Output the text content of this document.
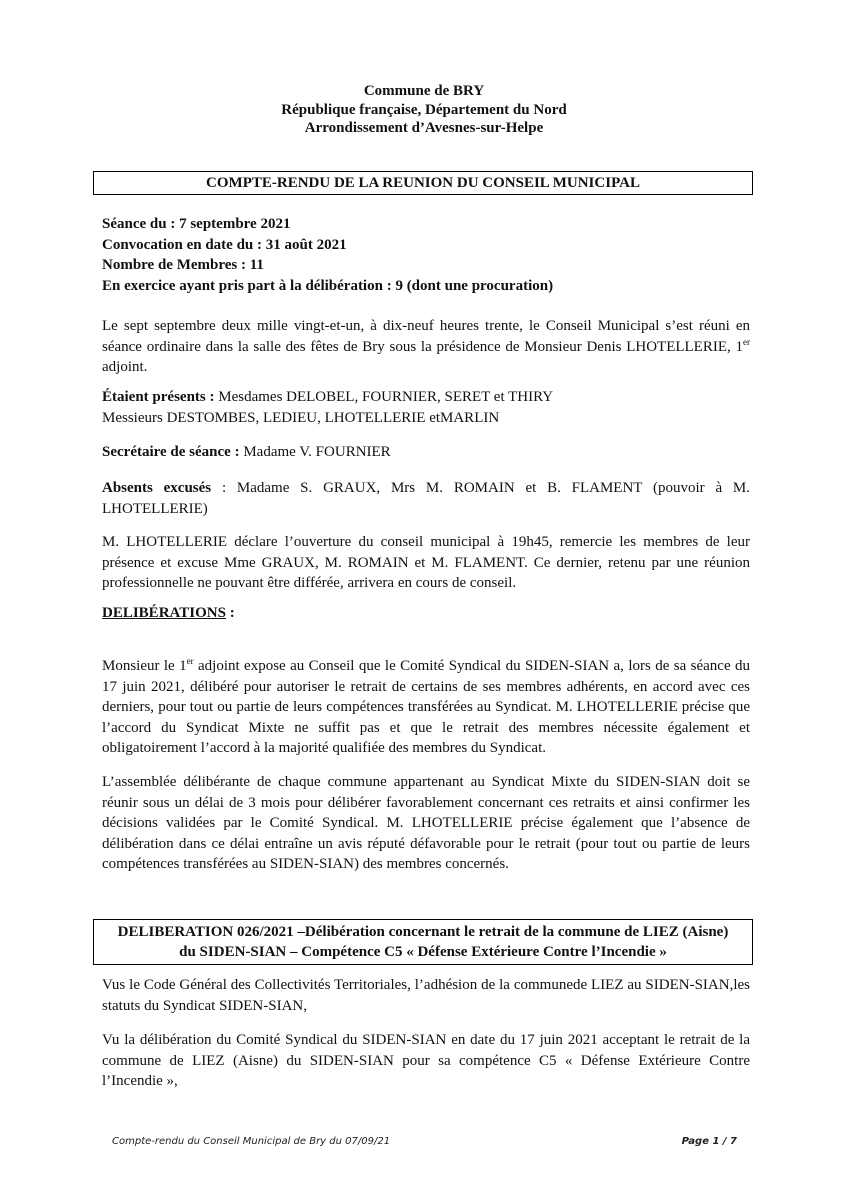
Commune de BRY
République française, Département du Nord
Arrondissement d’Avesnes-sur-Helpe
COMPTE-RENDU DE LA REUNION DU CONSEIL MUNICIPAL
Séance du : 7 septembre 2021
Convocation en date du : 31 août 2021
Nombre de Membres : 11
En exercice ayant pris part à la délibération : 9 (dont une procuration)
Le sept septembre deux mille vingt-et-un, à dix-neuf heures trente, le Conseil Municipal s’est réuni en séance ordinaire dans la salle des fêtes de Bry sous la présidence de Monsieur Denis LHOTELLERIE, 1er adjoint.
Étaient présents : Mesdames DELOBEL, FOURNIER, SERET et THIRY
Messieurs DESTOMBES, LEDIEU, LHOTELLERIE etMARLIN
Secrétaire de séance : Madame V. FOURNIER
Absents excusés : Madame S. GRAUX, Mrs M. ROMAIN et B. FLAMENT (pouvoir à M. LHOTELLERIE)
M. LHOTELLERIE déclare l’ouverture du conseil municipal à 19h45, remercie les membres de leur présence et excuse Mme GRAUX, M. ROMAIN et M. FLAMENT. Ce dernier, retenu par une réunion professionnelle ne pouvant être différée, arrivera en cours de conseil.
DELIBÉRATIONS :
Monsieur le 1er adjoint expose au Conseil que le Comité Syndical du SIDEN-SIAN a, lors de sa séance du 17 juin 2021, délibéré pour autoriser le retrait de certains de ses membres adhérents, en accord avec ces derniers, pour tout ou partie de leurs compétences transférées au Syndicat. M. LHOTELLERIE précise que l’accord du Syndicat Mixte ne suffit pas et que le retrait des membres nécessite également et obligatoirement l’accord à la majorité qualifiée des membres du Syndicat.
L’assemblée délibérante de chaque commune appartenant au Syndicat Mixte du SIDEN-SIAN doit se réunir sous un délai de 3 mois pour délibérer favorablement concernant ces retraits et ainsi confirmer les décisions validées par le Comité Syndical. M. LHOTELLERIE précise également que l’absence de délibération dans ce délai entraîne un avis réputé défavorable pour le retrait (pour tout ou partie de leurs compétences transférées au SIDEN-SIAN) des membres concernés.
DELIBERATION 026/2021 –Délibération concernant le retrait de la commune de LIEZ (Aisne)
du SIDEN-SIAN – Compétence C5 « Défense Extérieure Contre l’Incendie »
Vus le Code Général des Collectivités Territoriales, l’adhésion de la communede LIEZ au SIDEN-SIAN,les statuts du Syndicat SIDEN-SIAN,
Vu la délibération du Comité Syndical du SIDEN-SIAN en date du 17 juin 2021 acceptant le retrait de la commune de LIEZ (Aisne) du SIDEN-SIAN pour sa compétence C5 « Défense Extérieure Contre l’Incendie »,
Compte-rendu du Conseil Municipal de Bry du 07/09/21	Page 1 / 7
